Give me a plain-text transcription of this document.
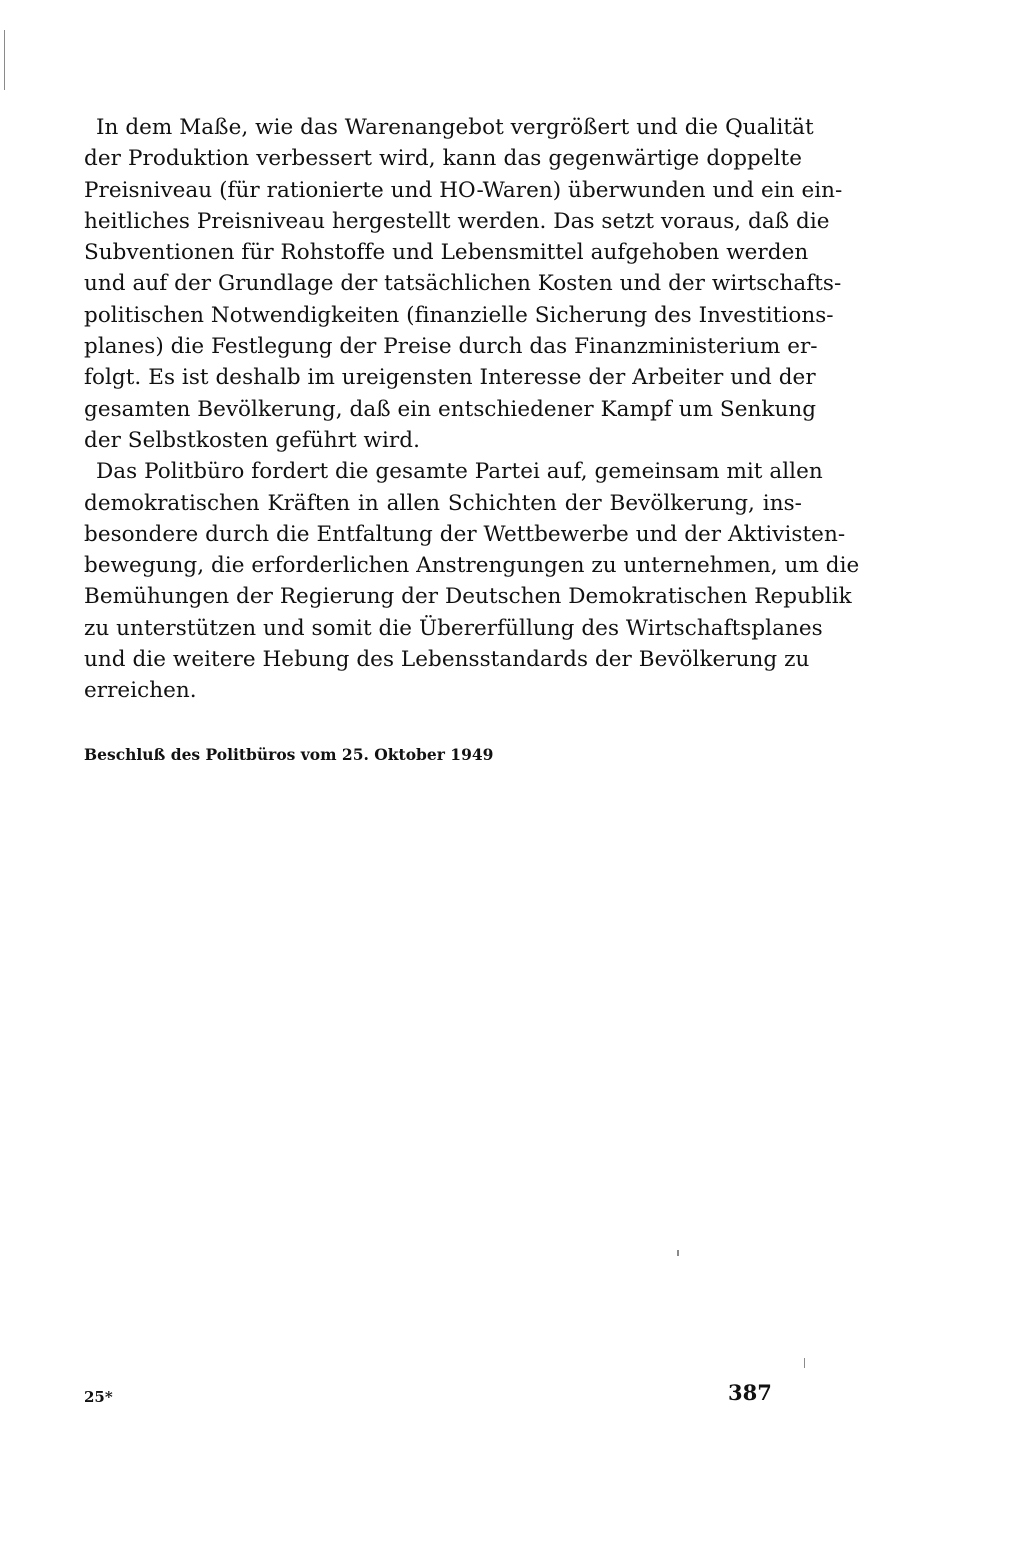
In dem Maße, wie das Warenangebot vergrößert und die Qualität
der Produktion verbessert wird, kann das gegenwärtige doppelte
Preisniveau (für rationierte und HO-Waren) überwunden und ein ein-
heitliches Preisniveau hergestellt werden. Das setzt voraus, daß die
Subventionen für Rohstoffe und Lebensmittel aufgehoben werden
und auf der Grundlage der tatsächlichen Kosten und der wirtschafts-
politischen Notwendigkeiten (finanzielle Sicherung des Investitions-
planes) die Festlegung der Preise durch das Finanzministerium er-
folgt. Es ist deshalb im ureigensten Interesse der Arbeiter und der
gesamten Bevölkerung, daß ein entschiedener Kampf um Senkung
der Selbstkosten geführt wird.

Das Politbüro fordert die gesamte Partei auf, gemeinsam mit allen
demokratischen Kräften in allen Schichten der Bevölkerung, ins-
besondere durch die Entfaltung der Wettbewerbe und der Aktivisten-
bewegung, die erforderlichen Anstrengungen zu unternehmen, um die
Bemühungen der Regierung der Deutschen Demokratischen Republik
zu unterstützen und somit die Übererfüllung des Wirtschaftsplanes
und die weitere Hebung des Lebensstandards der Bevölkerung zu
erreichen.

Beschluß des Politbüros vom 25. Oktober 1949
25*	387
